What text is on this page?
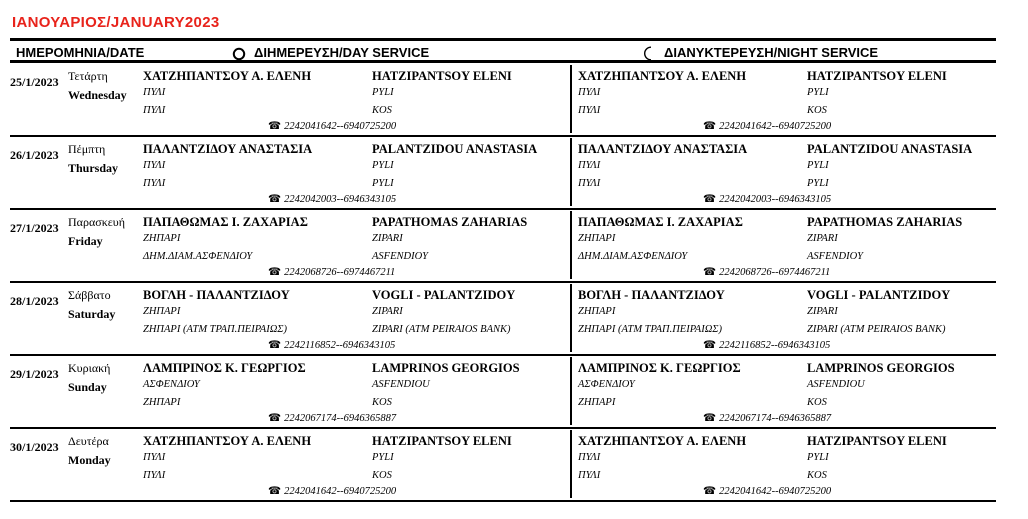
ΙΑΝΟΥΑΡΙΟΣ/JANUARY2023
ΗΜΕΡΟΜΗΝΙΑ/DATE	ΔΙΗΜΕΡΕΥΣΗ/DAY SERVICE	ΔΙΑΝΥΚΤΕΡΕΥΣΗ/NIGHT SERVICE
25/1/2023 Τετάρτη
Wednesday
ΧΑΤΖΗΠΑΝΤΣΟΥ Α. ΕΛΕΝΗ	HATZIPANTSOY ELENI
ΠΥΛΙ	PYLI
ΠΥΛΙ	KOS
☎ 2242041642--6940725200
ΧΑΤΖΗΠΑΝΤΣΟΥ Α. ΕΛΕΝΗ	HATZIPANTSOY ELENI
ΠΥΛΙ	PYLI
ΠΥΛΙ	KOS
☎ 2242041642--6940725200
26/1/2023 Πέμπτη
Thursday
ΠΑΛΑΝΤΖΙΔΟΥ ΑΝΑΣΤΑΣΙΑ	PALANTZIDOU ANASTASIA
ΠΥΛΙ	PYLI
ΠΥΛΙ	PYLI
☎ 2242042003--6946343105
ΠΑΛΑΝΤΖΙΔΟΥ ΑΝΑΣΤΑΣΙΑ	PALANTZIDOU ANASTASIA
ΠΥΛΙ	PYLI
ΠΥΛΙ	PYLI
☎ 2242042003--6946343105
27/1/2023 Παρασκευή
Friday
ΠΑΠΑΘΩΜΑΣ Ι. ΖΑΧΑΡΙΑΣ	PAPATHOMAS ZAHARIAS
ΖΗΠΑΡΙ	ZIPARI
ΔΗΜ.ΔΙΑΜ.ΑΣΦΕΝΔΙΟΥ	ASFENDIOY
☎ 2242068726--6974467211
ΠΑΠΑΘΩΜΑΣ Ι. ΖΑΧΑΡΙΑΣ	PAPATHOMAS ZAHARIAS
ΖΗΠΑΡΙ	ZIPARI
ΔΗΜ.ΔΙΑΜ.ΑΣΦΕΝΔΙΟΥ	ASFENDIOY
☎ 2242068726--6974467211
28/1/2023 Σάββατο
Saturday
ΒΟΓΛΗ - ΠΑΛΑΝΤΖΙΔΟΥ	VOGLI - PALANTZIDOY
ΖΗΠΑΡΙ	ZIPARI
ΖΗΠΑΡΙ (ΑΤΜ ΤΡΑΠ.ΠΕΙΡΑΙΩΣ)	ZIPARI (ATM PEIRAIOS BANK)
☎ 2242116852--6946343105
ΒΟΓΛΗ - ΠΑΛΑΝΤΖΙΔΟΥ	VOGLI - PALANTZIDOY
ΖΗΠΑΡΙ	ZIPARI
ΖΗΠΑΡΙ (ΑΤΜ ΤΡΑΠ.ΠΕΙΡΑΙΩΣ)	ZIPARI (ATM PEIRAIOS BANK)
☎ 2242116852--6946343105
29/1/2023 Κυριακή
Sunday
ΛΑΜΠΡΙΝΟΣ Κ. ΓΕΩΡΓΙΟΣ	LAMPRINOS GEORGIOS
ΑΣΦΕΝΔΙΟΥ	ASFENDIOU
ΖΗΠΑΡΙ	KOS
☎ 2242067174--6946365887
ΛΑΜΠΡΙΝΟΣ Κ. ΓΕΩΡΓΙΟΣ	LAMPRINOS GEORGIOS
ΑΣΦΕΝΔΙΟΥ	ASFENDIOU
ΖΗΠΑΡΙ	KOS
☎ 2242067174--6946365887
30/1/2023 Δευτέρα
Monday
ΧΑΤΖΗΠΑΝΤΣΟΥ Α. ΕΛΕΝΗ	HATZIPANTSOY ELENI
ΠΥΛΙ	PYLI
ΠΥΛΙ	KOS
☎ 2242041642--6940725200
ΧΑΤΖΗΠΑΝΤΣΟΥ Α. ΕΛΕΝΗ	HATZIPANTSOY ELENI
ΠΥΛΙ	PYLI
ΠΥΛΙ	KOS
☎ 2242041642--6940725200
